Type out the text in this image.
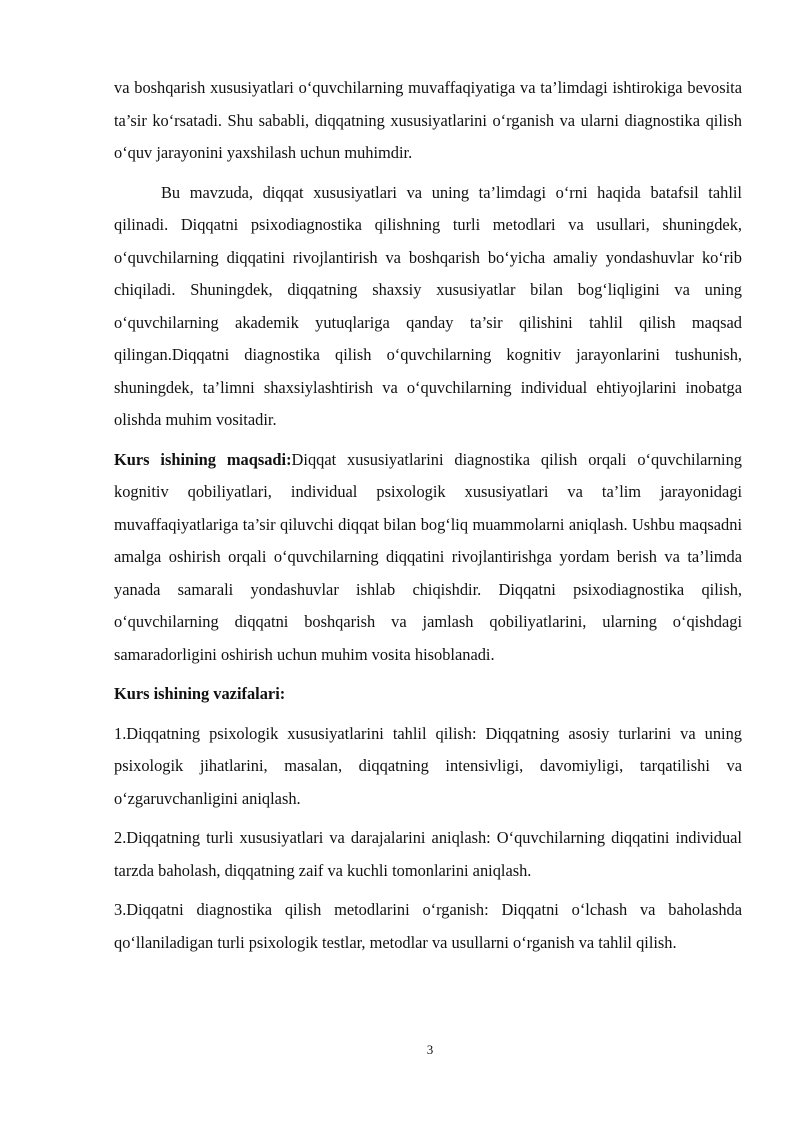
va boshqarish xususiyatlari o‘quvchilarning muvaffaqiyatiga va ta’limdagi ishtirokiga bevosita ta’sir ko‘rsatadi. Shu sababli, diqqatning xususiyatlarini o‘rganish va ularni diagnostika qilish o‘quv jarayonini yaxshilash uchun muhimdir.

Bu mavzuda, diqqat xususiyatlari va uning ta’limdagi o‘rni haqida batafsil tahlil qilinadi. Diqqatni psixodiagnostika qilishning turli metodlari va usullari, shuningdek, o‘quvchilarning diqqatini rivojlantirish va boshqarish bo‘yicha amaliy yondashuvlar ko‘rib chiqiladi. Shuningdek, diqqatning shaxsiy xususiyatlar bilan bog‘liqligini va uning o‘quvchilarning akademik yutuqlariga qanday ta’sir qilishini tahlil qilish maqsad qilingan.Diqqatni diagnostika qilish o‘quvchilarning kognitiv jarayonlarini tushunish, shuningdek, ta’limni shaxsiylashtirish va o‘quvchilarning individual ehtiyojlarini inobatga olishda muhim vositadir.

Kurs ishining maqsadi:Diqqat xususiyatlarini diagnostika qilish orqali o‘quvchilarning kognitiv qobiliyatlari, individual psixologik xususiyatlari va ta’lim jarayonidagi muvaffaqiyatlariga ta’sir qiluvchi diqqat bilan bog‘liq muammolarni aniqlash. Ushbu maqsadni amalga oshirish orqali o‘quvchilarning diqqatini rivojlantirishga yordam berish va ta’limda yanada samarali yondashuvlar ishlab chiqishdir. Diqqatni psixodiagnostika qilish, o‘quvchilarning diqqatni boshqarish va jamlash qobiliyatlarini, ularning o‘qishdagi samaradorligini oshirish uchun muhim vosita hisoblanadi.

Kurs ishining vazifalari:

1.Diqqatning psixologik xususiyatlarini tahlil qilish: Diqqatning asosiy turlarini va uning psixologik jihatlarini, masalan, diqqatning intensivligi, davomiyligi, tarqatilishi va o‘zgaruvchanligini aniqlash.

2.Diqqatning turli xususiyatlari va darajalarini aniqlash: O‘quvchilarning diqqatini individual tarzda baholash, diqqatning zaif va kuchli tomonlarini aniqlash.

3.Diqqatni diagnostika qilish metodlarini o‘rganish: Diqqatni o‘lchash va baholashda qo‘llaniladigan turli psixologik testlar, metodlar va usullarni o‘rganish va tahlil qilish.

3
